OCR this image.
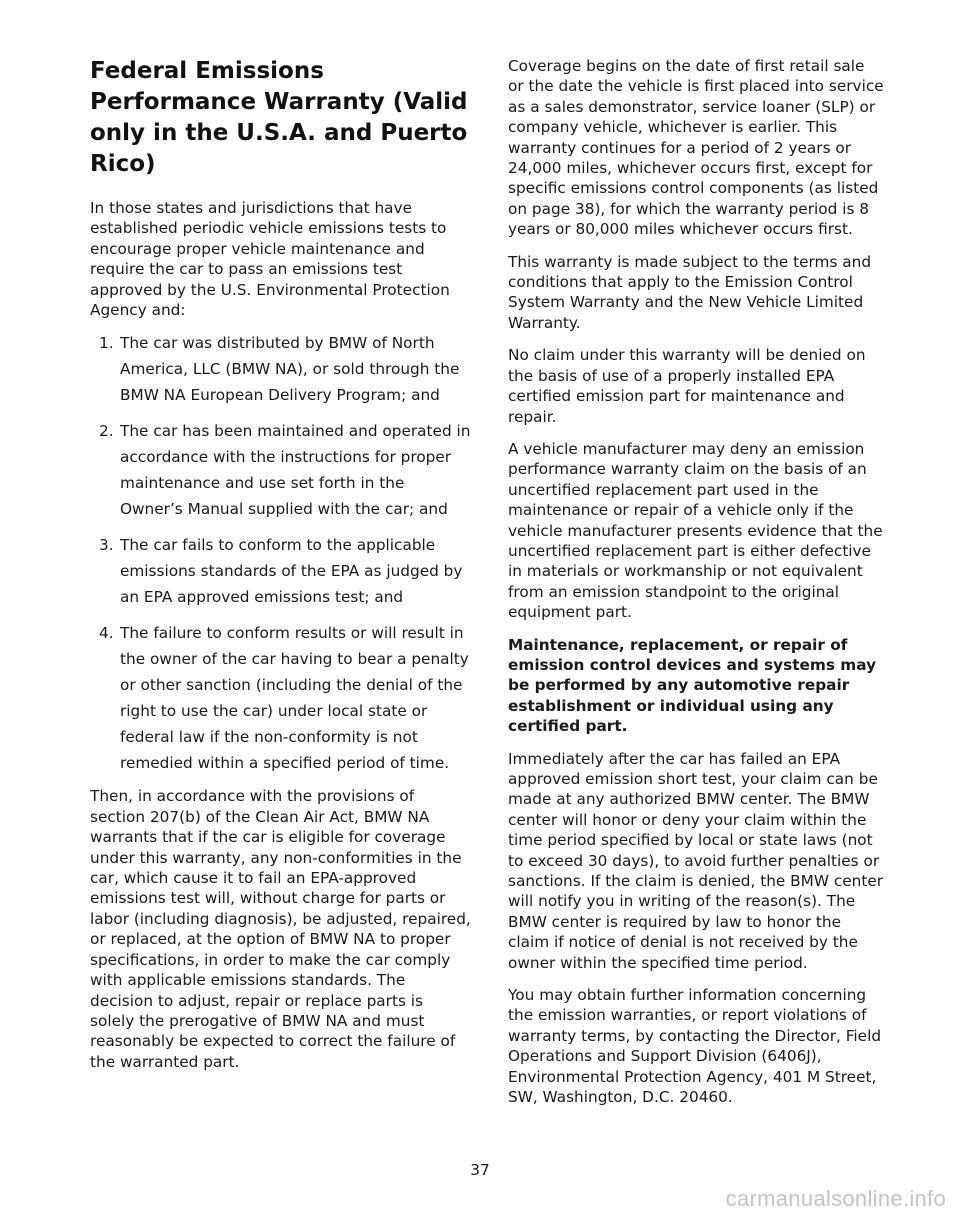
Federal Emissions Performance Warranty (Valid only in the U.S.A. and Puerto Rico)

In those states and jurisdictions that have established periodic vehicle emissions tests to encourage proper vehicle maintenance and require the car to pass an emissions test approved by the U.S. Environmental Protection Agency and:

1. The car was distributed by BMW of North America, LLC (BMW NA), or sold through the BMW NA European Delivery Program; and
2. The car has been maintained and operated in accordance with the instructions for proper maintenance and use set forth in the Owner’s Manual supplied with the car; and
3. The car fails to conform to the applicable emissions standards of the EPA as judged by an EPA approved emissions test; and
4. The failure to conform results or will result in the owner of the car having to bear a penalty or other sanction (including the denial of the right to use the car) under local state or federal law if the non-conformity is not remedied within a specified period of time.

Then, in accordance with the provisions of section 207(b) of the Clean Air Act, BMW NA warrants that if the car is eligible for coverage under this warranty, any non-conformities in the car, which cause it to fail an EPA-approved emissions test will, without charge for parts or labor (including diagnosis), be adjusted, repaired, or replaced, at the option of BMW NA to proper specifications, in order to make the car comply with applicable emissions standards. The decision to adjust, repair or replace parts is solely the prerogative of BMW NA and must reasonably be expected to correct the failure of the warranted part.

Coverage begins on the date of first retail sale or the date the vehicle is first placed into service as a sales demonstrator, service loaner (SLP) or company vehicle, whichever is earlier. This warranty continues for a period of 2 years or 24,000 miles, whichever occurs first, except for specific emissions control components (as listed on page 38), for which the warranty period is 8 years or 80,000 miles whichever occurs first.

This warranty is made subject to the terms and conditions that apply to the Emission Control System Warranty and the New Vehicle Limited Warranty.

No claim under this warranty will be denied on the basis of use of a properly installed EPA certified emission part for maintenance and repair.

A vehicle manufacturer may deny an emission performance warranty claim on the basis of an uncertified replacement part used in the maintenance or repair of a vehicle only if the vehicle manufacturer presents evidence that the uncertified replacement part is either defective in materials or workmanship or not equivalent from an emission standpoint to the original equipment part.

Maintenance, replacement, or repair of emission control devices and systems may be performed by any automotive repair establishment or individual using any certified part.

Immediately after the car has failed an EPA approved emission short test, your claim can be made at any authorized BMW center. The BMW center will honor or deny your claim within the time period specified by local or state laws (not to exceed 30 days), to avoid further penalties or sanctions. If the claim is denied, the BMW center will notify you in writing of the reason(s). The BMW center is required by law to honor the claim if notice of denial is not received by the owner within the specified time period.

You may obtain further information concerning the emission warranties, or report violations of warranty terms, by contacting the Director, Field Operations and Support Division (6406J), Environmental Protection Agency, 401 M Street, SW, Washington, D.C. 20460.

37
carmanualsonline.info
